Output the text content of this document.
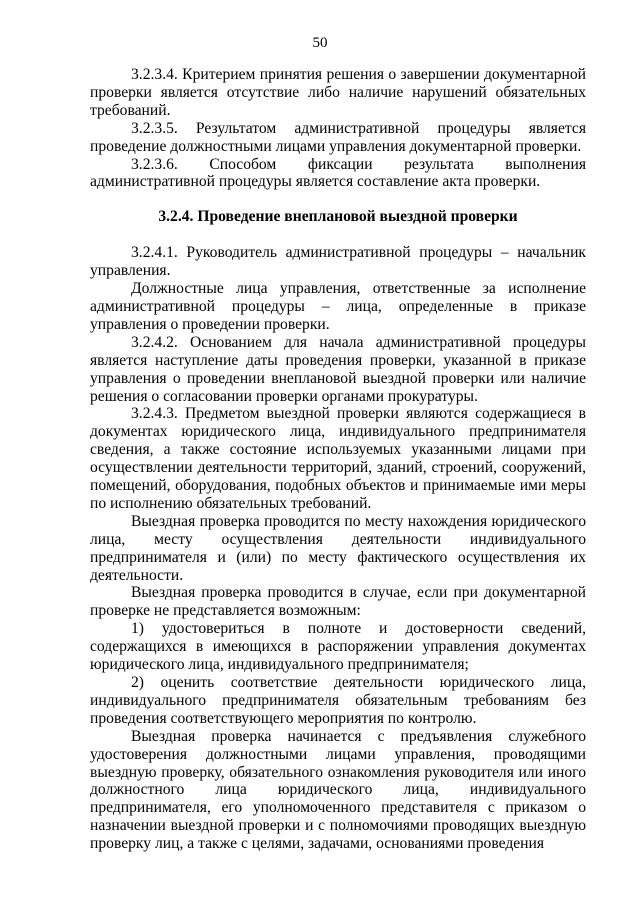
50

3.2.3.4. Критерием принятия решения о завершении документарной проверки является отсутствие либо наличие нарушений обязательных требований.

3.2.3.5. Результатом административной процедуры является проведение должностными лицами управления документарной проверки.

3.2.3.6. Способом фиксации результата выполнения административной процедуры является составление акта проверки.

3.2.4. Проведение внеплановой выездной проверки

3.2.4.1. Руководитель административной процедуры – начальник управления.

Должностные лица управления, ответственные за исполнение административной процедуры – лица, определенные в приказе управления о проведении проверки.

3.2.4.2. Основанием для начала административной процедуры является наступление даты проведения проверки, указанной в приказе управления о проведении внеплановой выездной проверки или наличие решения о согласовании проверки органами прокуратуры.

3.2.4.3. Предметом выездной проверки являются содержащиеся в документах юридического лица, индивидуального предпринимателя сведения, а также состояние используемых указанными лицами при осуществлении деятельности территорий, зданий, строений, сооружений, помещений, оборудования, подобных объектов и принимаемые ими меры по исполнению обязательных требований.

Выездная проверка проводится по месту нахождения юридического лица, месту осуществления деятельности индивидуального предпринимателя и (или) по месту фактического осуществления их деятельности.

Выездная проверка проводится в случае, если при документарной проверке не представляется возможным:

1) удостовериться в полноте и достоверности сведений, содержащихся в имеющихся в распоряжении управления документах юридического лица, индивидуального предпринимателя;

2) оценить соответствие деятельности юридического лица, индивидуального предпринимателя обязательным требованиям без проведения соответствующего мероприятия по контролю.

Выездная проверка начинается с предъявления служебного удостоверения должностными лицами управления, проводящими выездную проверку, обязательного ознакомления руководителя или иного должностного лица юридического лица, индивидуального предпринимателя, его уполномоченного представителя с приказом о назначении выездной проверки и с полномочиями проводящих выездную проверку лиц, а также с целями, задачами, основаниями проведения
